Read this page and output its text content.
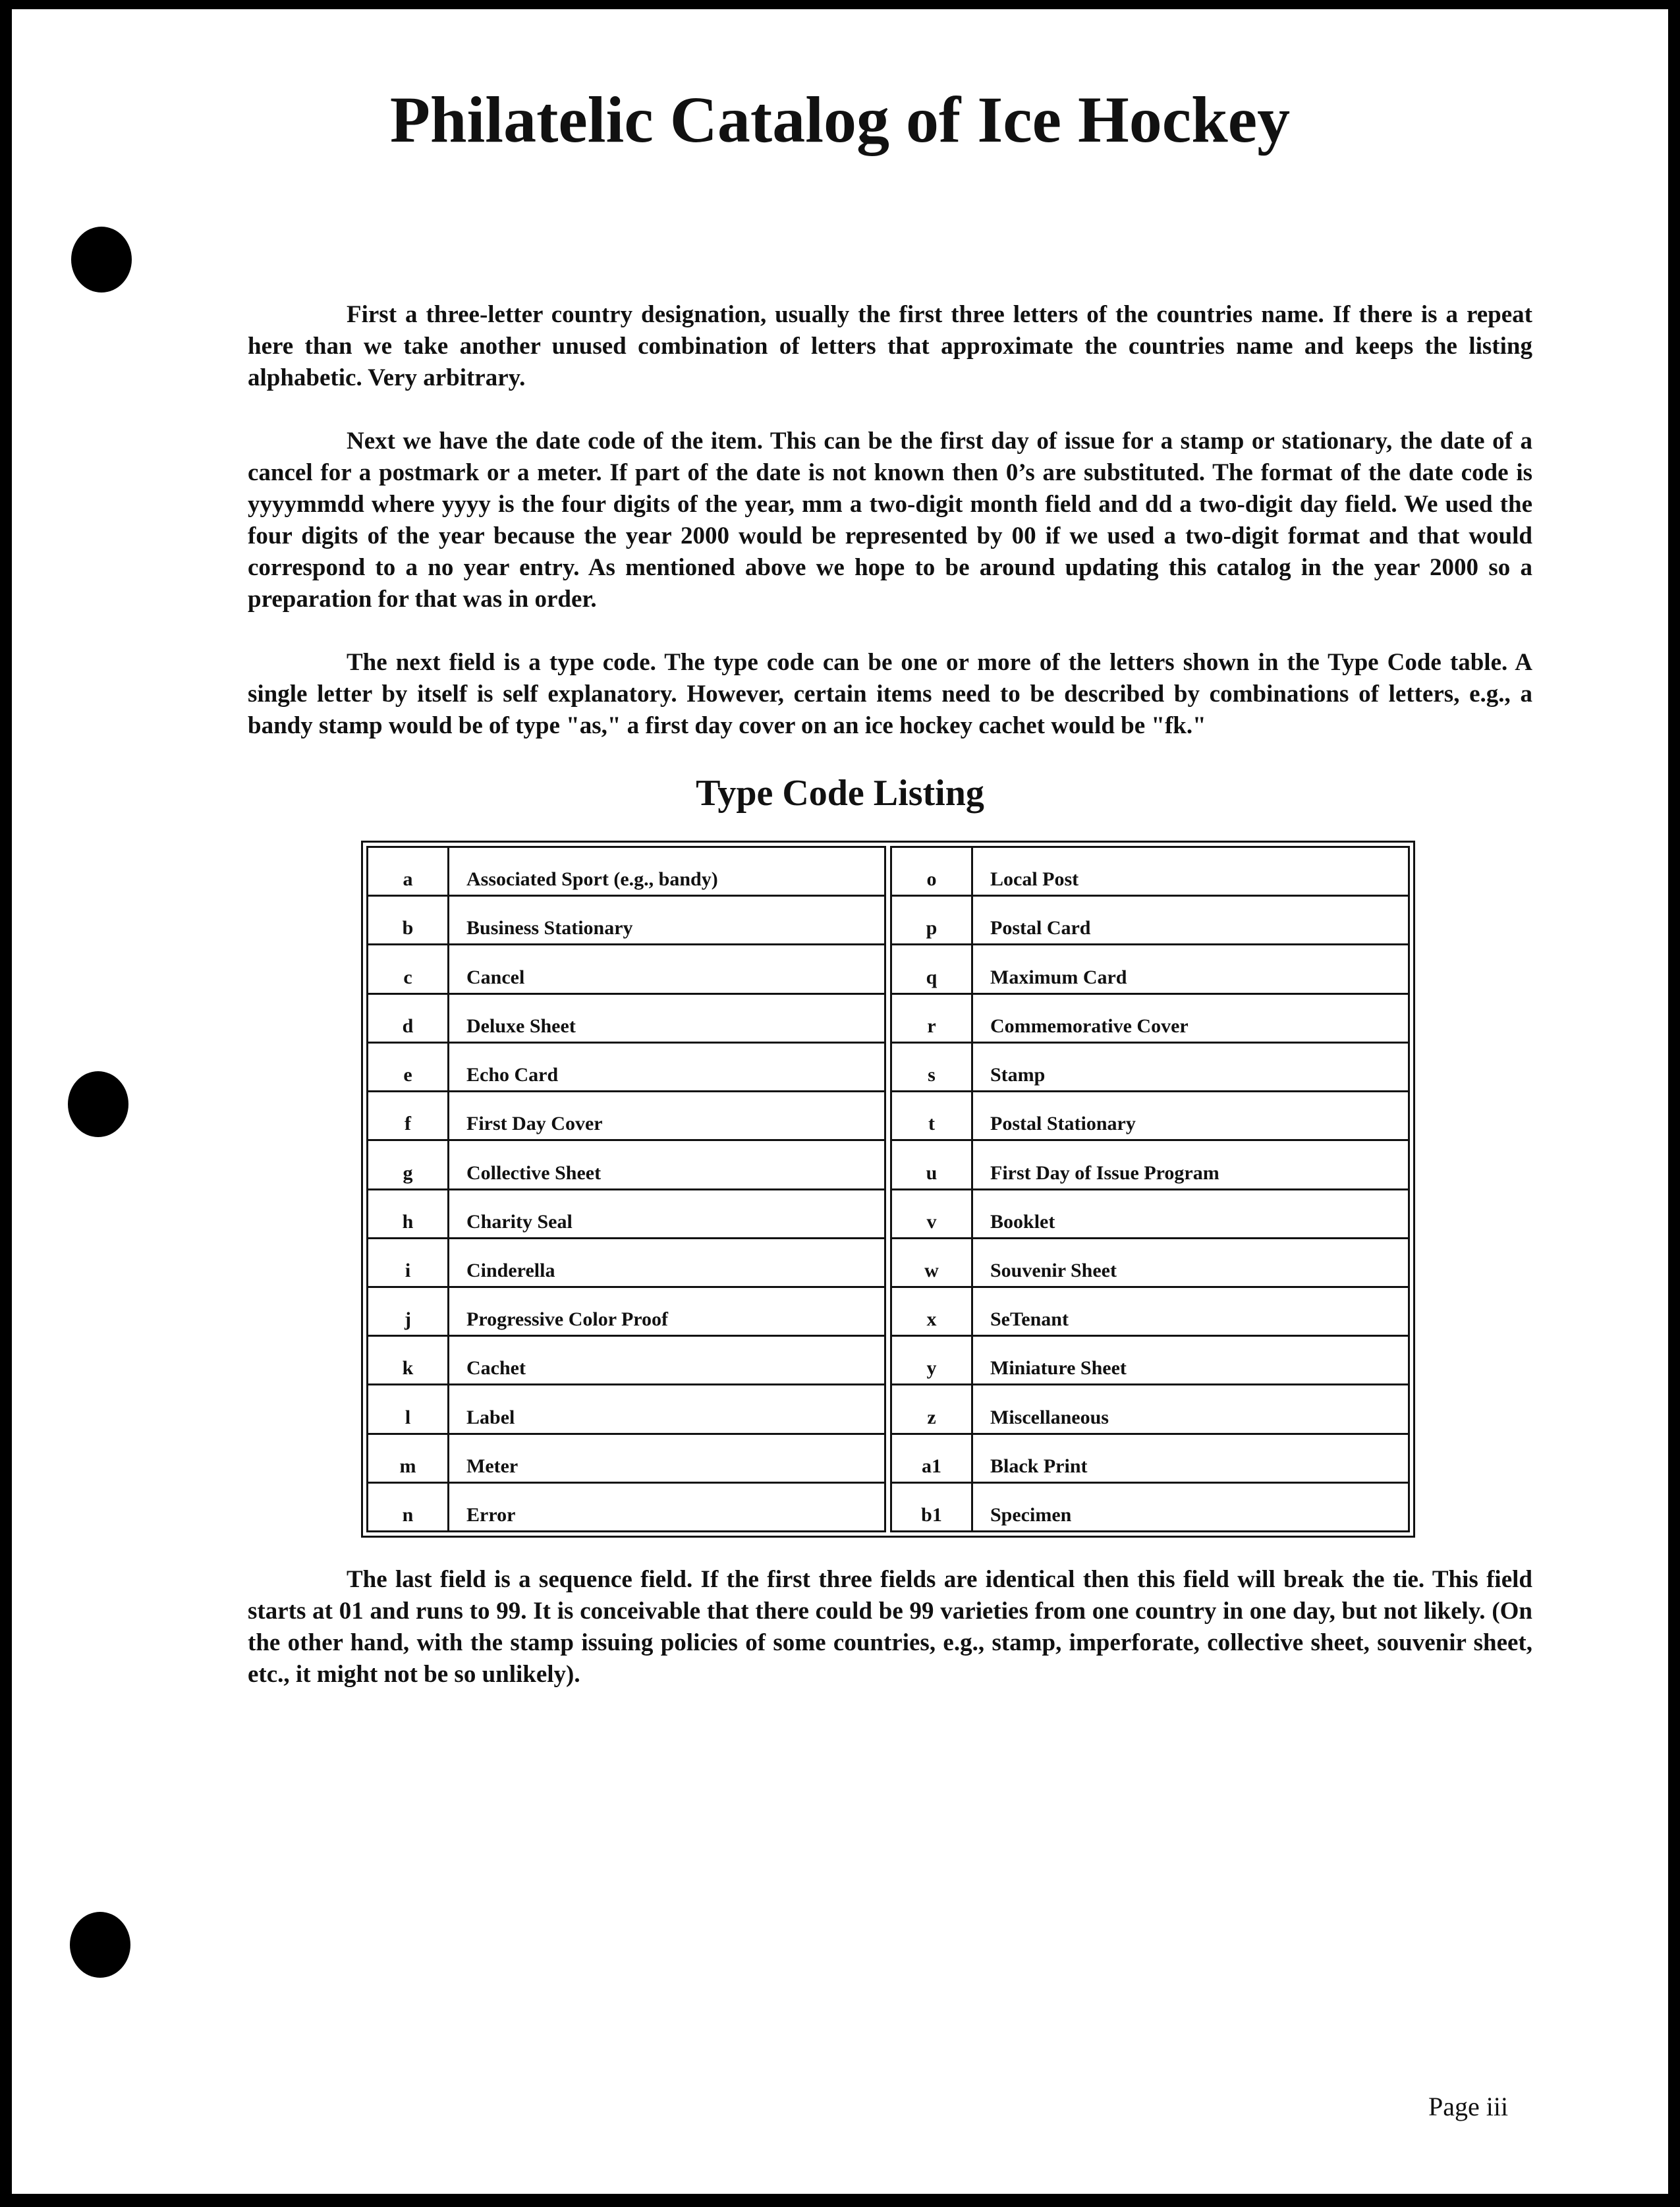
Philatelic Catalog of Ice Hockey

First a three-letter country designation, usually the first three letters of the countries name. If there is a repeat here than we take another unused combination of letters that approximate the countries name and keeps the listing alphabetic. Very arbitrary.

Next we have the date code of the item. This can be the first day of issue for a stamp or stationary, the date of a cancel for a postmark or a meter. If part of the date is not known then 0’s are substituted. The format of the date code is yyyymmdd where yyyy is the four digits of the year, mm a two-digit month field and dd a two-digit day field. We used the four digits of the year because the year 2000 would be represented by 00 if we used a two-digit format and that would correspond to a no year entry. As mentioned above we hope to be around updating this catalog in the year 2000 so a preparation for that was in order.

The next field is a type code. The type code can be one or more of the letters shown in the Type Code table. A single letter by itself is self explanatory. However, certain items need to be described by combinations of letters, e.g., a bandy stamp would be of type "as," a first day cover on an ice hockey cachet would be "fk."

Type Code Listing
a	Associated Sport (e.g., bandy)
b	Business Stationary
c	Cancel
d	Deluxe Sheet
e	Echo Card
f	First Day Cover
g	Collective Sheet
h	Charity Seal
i	Cinderella
j	Progressive Color Proof
k	Cachet
l	Label
m	Meter
n	Error
o	Local Post
p	Postal Card
q	Maximum Card
r	Commemorative Cover
s	Stamp
t	Postal Stationary
u	First Day of Issue Program
v	Booklet
w	Souvenir Sheet
x	SeTenant
y	Miniature Sheet
z	Miscellaneous
a1	Black Print
b1	Specimen

The last field is a sequence field. If the first three fields are identical then this field will break the tie. This field starts at 01 and runs to 99. It is conceivable that there could be 99 varieties from one country in one day, but not likely. (On the other hand, with the stamp issuing policies of some countries, e.g., stamp, imperforate, collective sheet, souvenir sheet, etc., it might not be so unlikely).

Page iii
